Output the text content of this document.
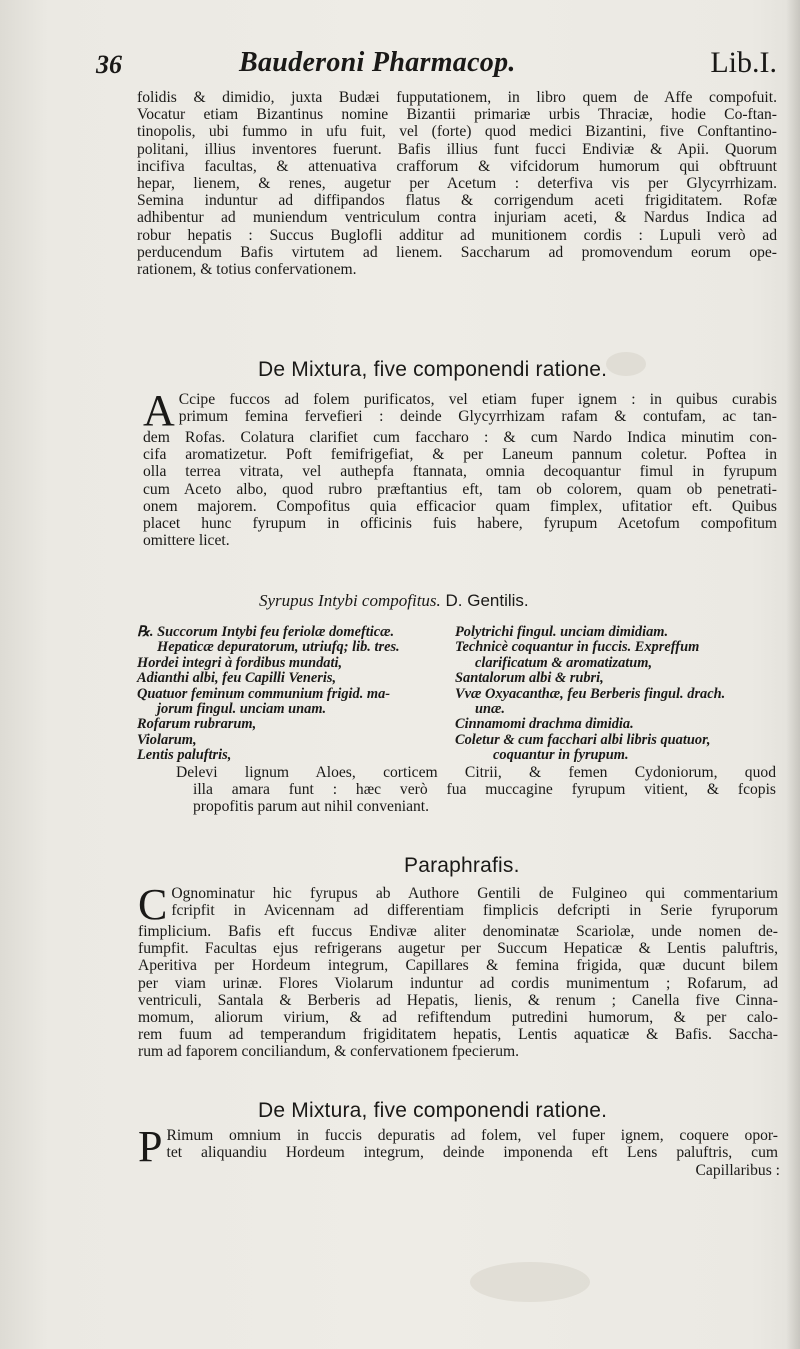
36	Bauderoni Pharmacop.	Lib.I.
folidis & dimidio, juxta Budæi fupputationem, in libro quem de Affe compofuit.
Vocatur etiam Bizantinus nomine Bizantii primariæ urbis Thraciæ, hodie Co-ftan-
tinopolis, ubi fummo in ufu fuit, vel (forte) quod medici Bizantini, five Conftantino-
politani, illius inventores fuerunt. Bafis illius funt fucci Endiviæ & Apii. Quorum
incifiva facultas, & attenuativa crafforum & vifcidorum humorum qui obftruunt
hepar, lienem, & renes, augetur per Acetum : deterfiva vis per Glycyrrhizam.
Semina induntur ad diffipandos flatus & corrigendum aceti frigiditatem. Rofæ
adhibentur ad muniendum ventriculum contra injuriam aceti, & Nardus Indica ad
robur hepatis : Succus Buglofli additur ad munitionem cordis : Lupuli verò ad
perducendum Bafis virtutem ad lienem. Saccharum ad promovendum eorum ope-
rationem, & totius confervationem.
De Mixtura, five componendi ratione.
A Ccipe fuccos ad folem purificatos, vel etiam fuper ignem : in quibus curabis
primum femina fervefieri : deinde Glycyrrhizam rafam & contufam, ac tan-
dem Rofas. Colatura clarifiet cum faccharo : & cum Nardo Indica minutim con-
cifa aromatizetur. Poft femifrigefiat, & per Laneum pannum coletur. Poftea in
olla terrea vitrata, vel authepfa ftannata, omnia decoquantur fimul in fyrupum
cum Aceto albo, quod rubro præftantius eft, tam ob colorem, quam ob penetrati-
onem majorem. Compofitus quia efficacior quam fimplex, ufitatior eft. Quibus
placet hunc fyrupum in officinis fuis habere, fyrupum Acetofum compofitum
omittere licet.
Syrupus Intybi compofitus. D. Gentilis.
℞. Succorum Intybi feu feriolæ domefticæ.
Hepaticæ depuratorum, utriufq; lib. tres.
Hordei integri à fordibus mundati,
Adianthi albi, feu Capilli Veneris,
Quatuor feminum communium frigid. ma-
jorum fingul. unciam unam.
Rofarum rubrarum,
Violarum,
Lentis paluftris,
Polytrichi fingul. unciam dimidiam.
Technicè coquantur in fuccis. Expreffum
clarificatum & aromatizatum,
Santalorum albi & rubri,
Vvæ Oxyacanthæ, feu Berberis fingul. drach.
unæ.
Cinnamomi drachma dimidia.
Coletur & cum facchari albi libris quatuor,
coquantur in fyrupum.
Delevi lignum Aloes, corticem Citrii, & femen Cydoniorum, quod
illa amara funt : hæc verò fua muccagine fyrupum vitient, & fcopis
propofitis parum aut nihil conveniant.
Paraphrafis.
C Ognominatur hic fyrupus ab Authore Gentili de Fulgineo qui commentarium
fcripfit in Avicennam ad differentiam fimplicis defcripti in Serie fyruporum
fimplicium. Bafis eft fuccus Endivæ aliter denominatæ Scariolæ, unde nomen de-
fumpfit. Facultas ejus refrigerans augetur per Succum Hepaticæ & Lentis paluftris,
Aperitiva per Hordeum integrum, Capillares & femina frigida, quæ ducunt bilem
per viam urinæ. Flores Violarum induntur ad cordis munimentum ; Rofarum, ad
ventriculi, Santala & Berberis ad Hepatis, lienis, & renum ; Canella five Cinna-
momum, aliorum virium, & ad refiftendum putredini humorum, & per calo-
rem fuum ad temperandum frigiditatem hepatis, Lentis aquaticæ & Bafis. Saccha-
rum ad faporem conciliandum, & confervationem fpecierum.
De Mixtura, five componendi ratione.
P Rimum omnium in fuccis depuratis ad folem, vel fuper ignem, coquere opor-
tet aliquandiu Hordeum integrum, deinde imponenda eft Lens paluftris, cum
Capillaribus :
